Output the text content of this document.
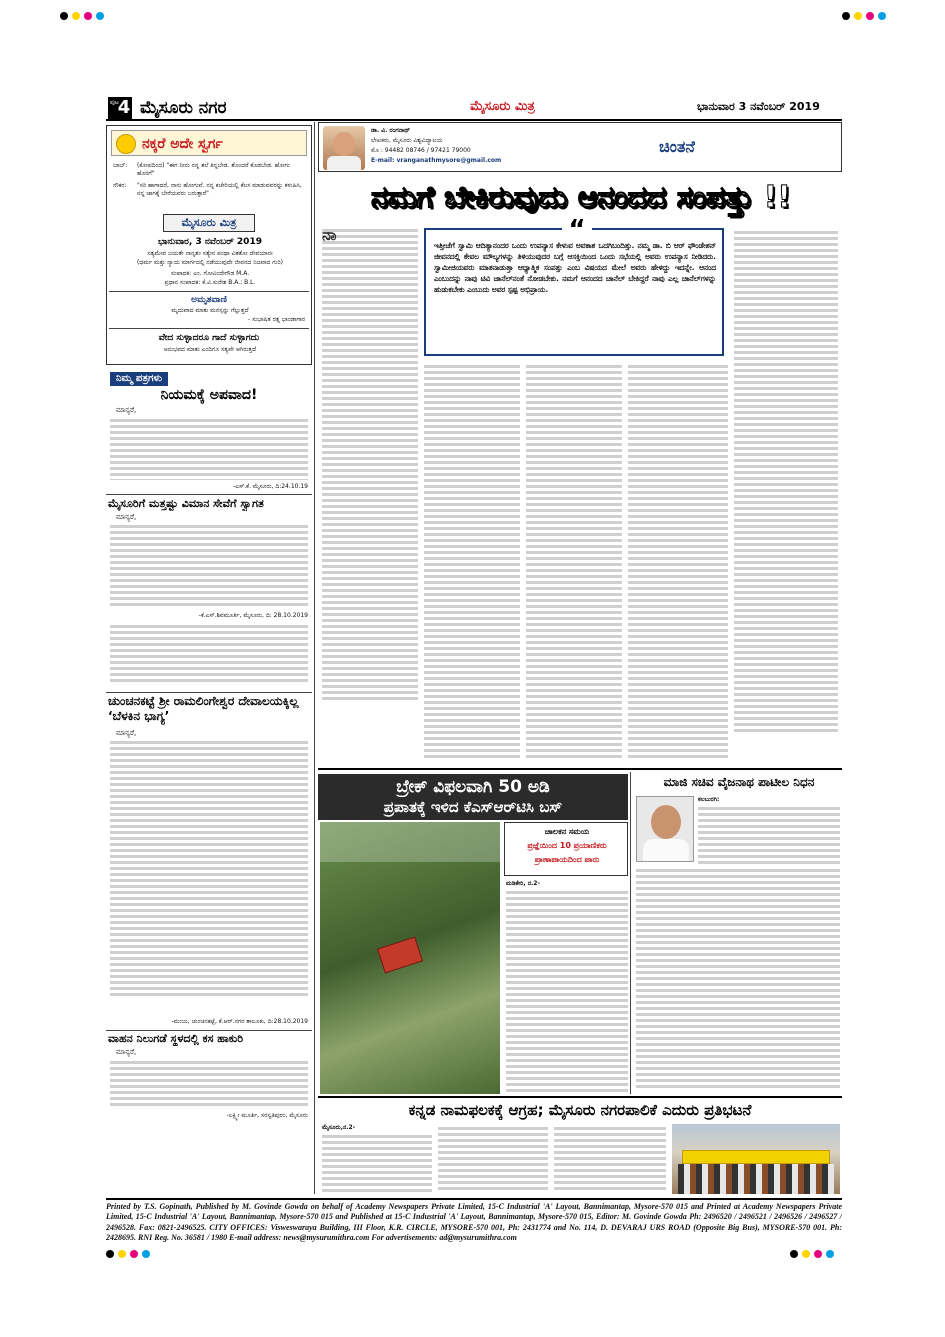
ಪುಟ
4 ಮೈಸೂರು ನಗರ	ಮೈಸೂರು ಮಿತ್ರ	ಭಾನುವಾರ 3 ನವೆಂಬರ್ 2019
ನಕ್ಕರೆ ಅದೇ ಸ್ವರ್ಗ
ಬಾಬ್:	(ಕೋಪದಿಂದ) "ಈಗ ನೀನು ನನ್ನ ತಲೆ ತಿನ್ನಬೇಡ. ತೊಂದರೆ ಕೊಡಬೇಡ. ಹೋಗು ಹೊರಗೆ"
ನೌಕರ:	"ಸರಿ ಹಾಗಾದರೆ, ನಾನು ಹೋಗುವೆ. ನನ್ನ ಕಚೇರಿಯಲ್ಲಿ ಕೆಲಸ ಮಾಡುವವರನ್ನು ಕಳುಹಿಸಿ, ನನ್ನ ಜಾಗಕ್ಕೆ ಬೇರೆಯವರು ಬರುತ್ತಾರೆ"
ಮೈಸೂರು ಮಿತ್ರ
ಭಾನುವಾರ, 3 ನವೆಂಬರ್ 2019
ಸತ್ಯಮೇವ ಜಯತೇ ನಾನೃತಂ ಸತ್ಯೇನ ಪಂಥಾ ವಿತತೋ ದೇವಯಾನಃ
(ಧರ್ಮ ಮತ್ತು ನ್ಯಾಯ ಮಾರ್ಗದಲ್ಲಿ ನಡೆಯುವುದೇ ಜೀವನದ ನಿಜವಾದ ಗುರಿ)
ಸಂಪಾದಕ: ಎಂ. ಗೋವಿಂದೇಗೌಡ M.A.
ಪ್ರಧಾನ ಸಂಪಾದಕ: ಕೆ.ವಿ.ಸುರೇಶ B.A.; B.L.
ಅಮೃತವಾಣಿ
ಮೃದುವಾದ ಮಾತು ಮನಸ್ಸನ್ನು ಗೆಲ್ಲುತ್ತದೆ
- ಸುಭಾಷಿತ ರತ್ನ ಭಾಂಡಾಗಾರ
ವೇದ ಸುಳ್ಳಾದರೂ ಗಾದೆ ಸುಳ್ಳಾಗದು
ಅನುಭವದ ಮಾತು ಎಂದಿಗೂ ಸತ್ಯವೇ ಆಗಿರುತ್ತದೆ
ನಿಮ್ಮ ಪತ್ರಗಳು
ನಿಯಮಕ್ಕೆ ಅಪವಾದ!
ಮಾನ್ಯರೆ,
-ಎಸ್.ಕೆ. ಮೈಸೂರು, ದಿ:24.10.19
ಮೈಸೂರಿಗೆ ಮತ್ತಷ್ಟು ವಿಮಾನ ಸೇವೆಗೆ ಸ್ವಾಗತ
ಮಾನ್ಯರೆ,
-ಕೆ.ಎಸ್.ಶಿವಮೂರ್ತಿ, ಮೈಸೂರು, ದಿ: 28.10.2019
ಚುಂಚನಕಟ್ಟೆ ಶ್ರೀ ರಾಮಲಿಂಗೇಶ್ವರ ದೇವಾಲಯಕ್ಕಿಲ್ಲ ‘ಬೆಳಕಿನ ಭಾಗ್ಯ’
ಮಾನ್ಯರೆ,
-ಮಂಜು, ಚುಂಚನಕಟ್ಟೆ, ಕೆ.ಆರ್.ನಗರ ತಾಲೂಕು, ದಿ:28.10.2019
ವಾಹನ ನಿಲುಗಡೆ ಸ್ಥಳದಲ್ಲಿ ಕಸ ಹಾಕುರಿ
ಮಾನ್ಯರೆ,
-ಲಕ್ಷ್ಮೀ ಮೂರ್ತಿ, ಸರಸ್ವತಿಪುರಂ, ಮೈಸೂರು
ಡಾ. ವಿ. ರಂಗನಾಥ್
ಲೇಖಕರು, ಮೈಸೂರು ವಿಶ್ವವಿದ್ಯಾಲಯ
ಮೊ : 94482 08746 / 97421 79000
E-mail: vranganathmysore@gmail.com
ಚಿಂತನೆ
ನಮಗೆ ಬೇಕಿರುವುದು ಆನಂದದ ಸಂಪತ್ತು !!
ನಾ	“
ಇತ್ತೀಚೆಗೆ ಸ್ವಾಮಿ ಆದಿತ್ಯಾನಂದರ ಒಂದು ಉಪನ್ಯಾಸ ಕೇಳುವ ಅವಕಾಶ ಒದಗಿಬಂದಿತ್ತು. ನಮ್ಮ ಡಾ. ಬಿ ಆರ್ ಫೌಂಡೇಶನ್ ಜೀವನದಲ್ಲಿ ಕೇವಲ ಮೌಲ್ಯಗಳನ್ನು ತಿಳಿಯುವುದರ ಬಗ್ಗೆ ಆಸಕ್ತಿಯಿಂದ ಒಂದು ಸಭೆಯಲ್ಲಿ ಅವರು ಉಪನ್ಯಾಸ ನೀಡಿದರು. ಸ್ವಾಮೀಜಿಯವರು ಮಾತನಾಡುತ್ತಾ ಆಧ್ಯಾತ್ಮಿಕ ಸಂಪತ್ತು ಎಂಬ ವಿಷಯದ ಮೇಲೆ ಅವರು ಹೇಳಿದ್ದು ಇದನ್ನೇ. ಆನಂದ ಎಂಬುದನ್ನು ನಾವು ಟಿವಿ ಚಾನೆಲ್‌ನಂತೆ ನೋಡಬೇಕು. ನಮಗೆ ಆನಂದದ ಚಾನೆಲ್ ಬೇಕಿದ್ದರೆ ನಾವು ಎಲ್ಲ ಚಾನೆಲ್‌ಗಳನ್ನು ಹುಡುಕಬೇಕು ಎಂಬುದು ಅವರ ಸ್ಪಷ್ಟ ಅಭಿಪ್ರಾಯ.
ಬ್ರೇಕ್ ವಿಫಲವಾಗಿ 50 ಅಡಿ
ಪ್ರಪಾತಕ್ಕೆ ಇಳಿದ ಕೆಎಸ್‌ಆರ್‌ಟಿಸಿ ಬಸ್
ಚಾಲಕನ ಸಮಯ
ಪ್ರಜ್ಞೆಯಿಂದ 10 ಪ್ರಯಾಣಿಕರು
ಪ್ರಾಣಾಪಾಯದಿಂದ ಪಾರು
ಮಡಿಕೇರಿ, ನ.2-
ಮಾಜಿ ಸಚಿವ ವೈಜನಾಥ ಪಾಟೀಲ ನಿಧನ
ಕಲಬುರಗಿ:
ಕನ್ನಡ ನಾಮಫಲಕಕ್ಕೆ ಆಗ್ರಹ; ಮೈಸೂರು ನಗರಪಾಲಿಕೆ ಎದುರು ಪ್ರತಿಭಟನೆ
ಮೈಸೂರು,ನ.2-
Printed by T.S. Gopinath, Published by M. Govinde Gowda on behalf of Academy Newspapers Private Limited, 15-C Industrial 'A' Layout, Bannimantap, Mysore-570 015 and Printed at Academy Newspapers Private Limited, 15-C Industrial 'A' Layout, Bannimantap, Mysore-570 015 and Published at 15-C Industrial 'A' Layout, Bannimantap, Mysore-570 015, Editor: M. Govinde Gowda Ph: 2496520 / 2496521 / 2496526 / 2496527 / 2496528. Fax: 0821-2496525. CITY OFFICES: Visweswaraya Building, III Floor, K.R. CIRCLE, MYSORE-570 001, Ph: 2431774 and No. 114, D. DEVARAJ URS ROAD (Opposite Big Bus), MYSORE-570 001. Ph: 2428695. RNI Reg. No. 36581 / 1980 E-mail address: news@mysurumithra.com For advertisements: ad@mysurumithra.com
